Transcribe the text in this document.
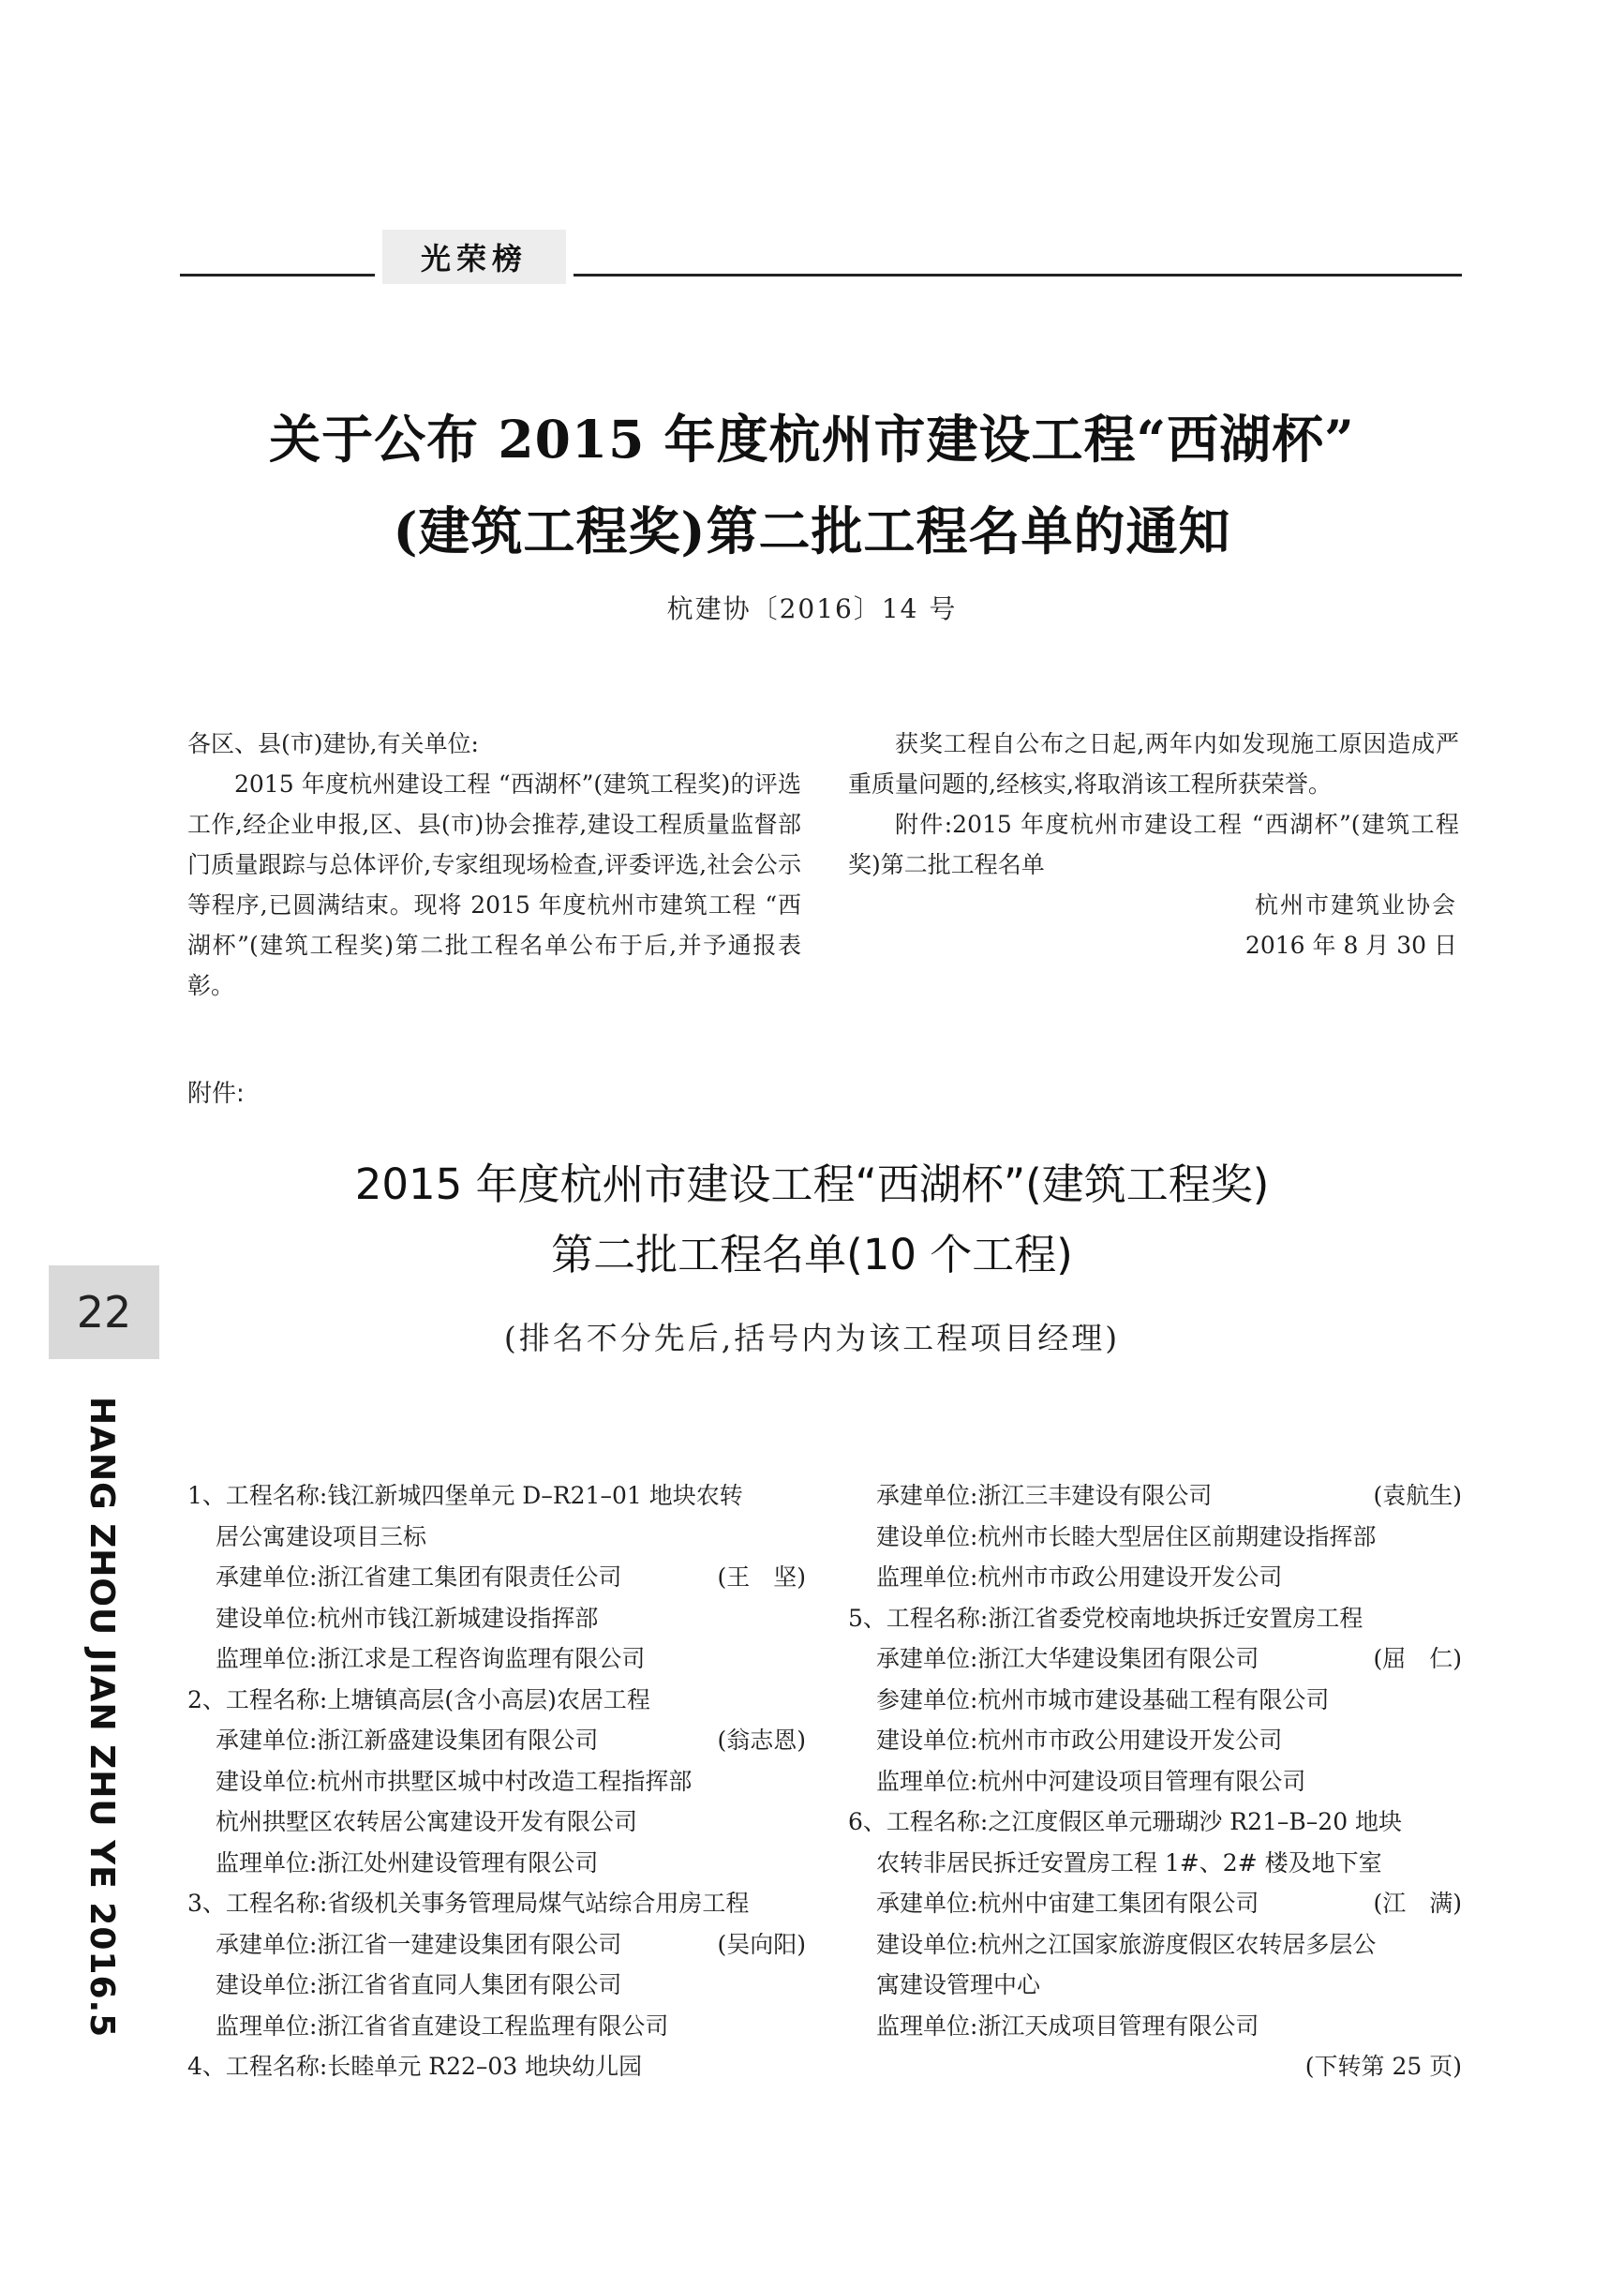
光荣榜
关于公布 2015 年度杭州市建设工程“西湖杯”
(建筑工程奖)第二批工程名单的通知
杭建协〔2016〕14 号

各区、县(市)建协,有关单位:

2015 年度杭州建设工程 “西湖杯”(建筑工程奖)的评选工作,经企业申报,区、县(市)协会推荐,建设工程质量监督部门质量跟踪与总体评价,专家组现场检查,评委评选,社会公示等程序,已圆满结束。现将 2015 年度杭州市建筑工程 “西湖杯”(建筑工程奖)第二批工程名单公布于后,并予通报表彰。

获奖工程自公布之日起,两年内如发现施工原因造成严重质量问题的,经核实,将取消该工程所获荣誉。

附件:2015 年度杭州市建设工程 “西湖杯”(建筑工程奖)第二批工程名单

杭州市建筑业协会

2016 年 8 月 30 日

附件:
2015 年度杭州市建设工程“西湖杯”(建筑工程奖)
第二批工程名单(10 个工程)
(排名不分先后,括号内为该工程项目经理)
22
HANG ZHOU JIAN ZHU YE 2016.5	1、工程名称:钱江新城四堡单元 D–R21–01 地块农转
居公寓建设项目三标
承建单位:浙江省建工集团有限责任公司	(王　坚)
建设单位:杭州市钱江新城建设指挥部
监理单位:浙江求是工程咨询监理有限公司
2、工程名称:上塘镇高层(含小高层)农居工程
承建单位:浙江新盛建设集团有限公司	(翁志恩)
建设单位:杭州市拱墅区城中村改造工程指挥部
杭州拱墅区农转居公寓建设开发有限公司
监理单位:浙江处州建设管理有限公司
3、工程名称:省级机关事务管理局煤气站综合用房工程
承建单位:浙江省一建建设集团有限公司	(吴向阳)
建设单位:浙江省省直同人集团有限公司
监理单位:浙江省省直建设工程监理有限公司
4、工程名称:长睦单元 R22–03 地块幼儿园
承建单位:浙江三丰建设有限公司	(袁航生)
建设单位:杭州市长睦大型居住区前期建设指挥部
监理单位:杭州市市政公用建设开发公司
5、工程名称:浙江省委党校南地块拆迁安置房工程
承建单位:浙江大华建设集团有限公司	(屈　仁)
参建单位:杭州市城市建设基础工程有限公司
建设单位:杭州市市政公用建设开发公司
监理单位:杭州中河建设项目管理有限公司
6、工程名称:之江度假区单元珊瑚沙 R21–B–20 地块
农转非居民拆迁安置房工程 1#、2# 楼及地下室
承建单位:杭州中宙建工集团有限公司	(江　满)
建设单位:杭州之江国家旅游度假区农转居多层公
寓建设管理中心
监理单位:浙江天成项目管理有限公司
(下转第 25 页)
